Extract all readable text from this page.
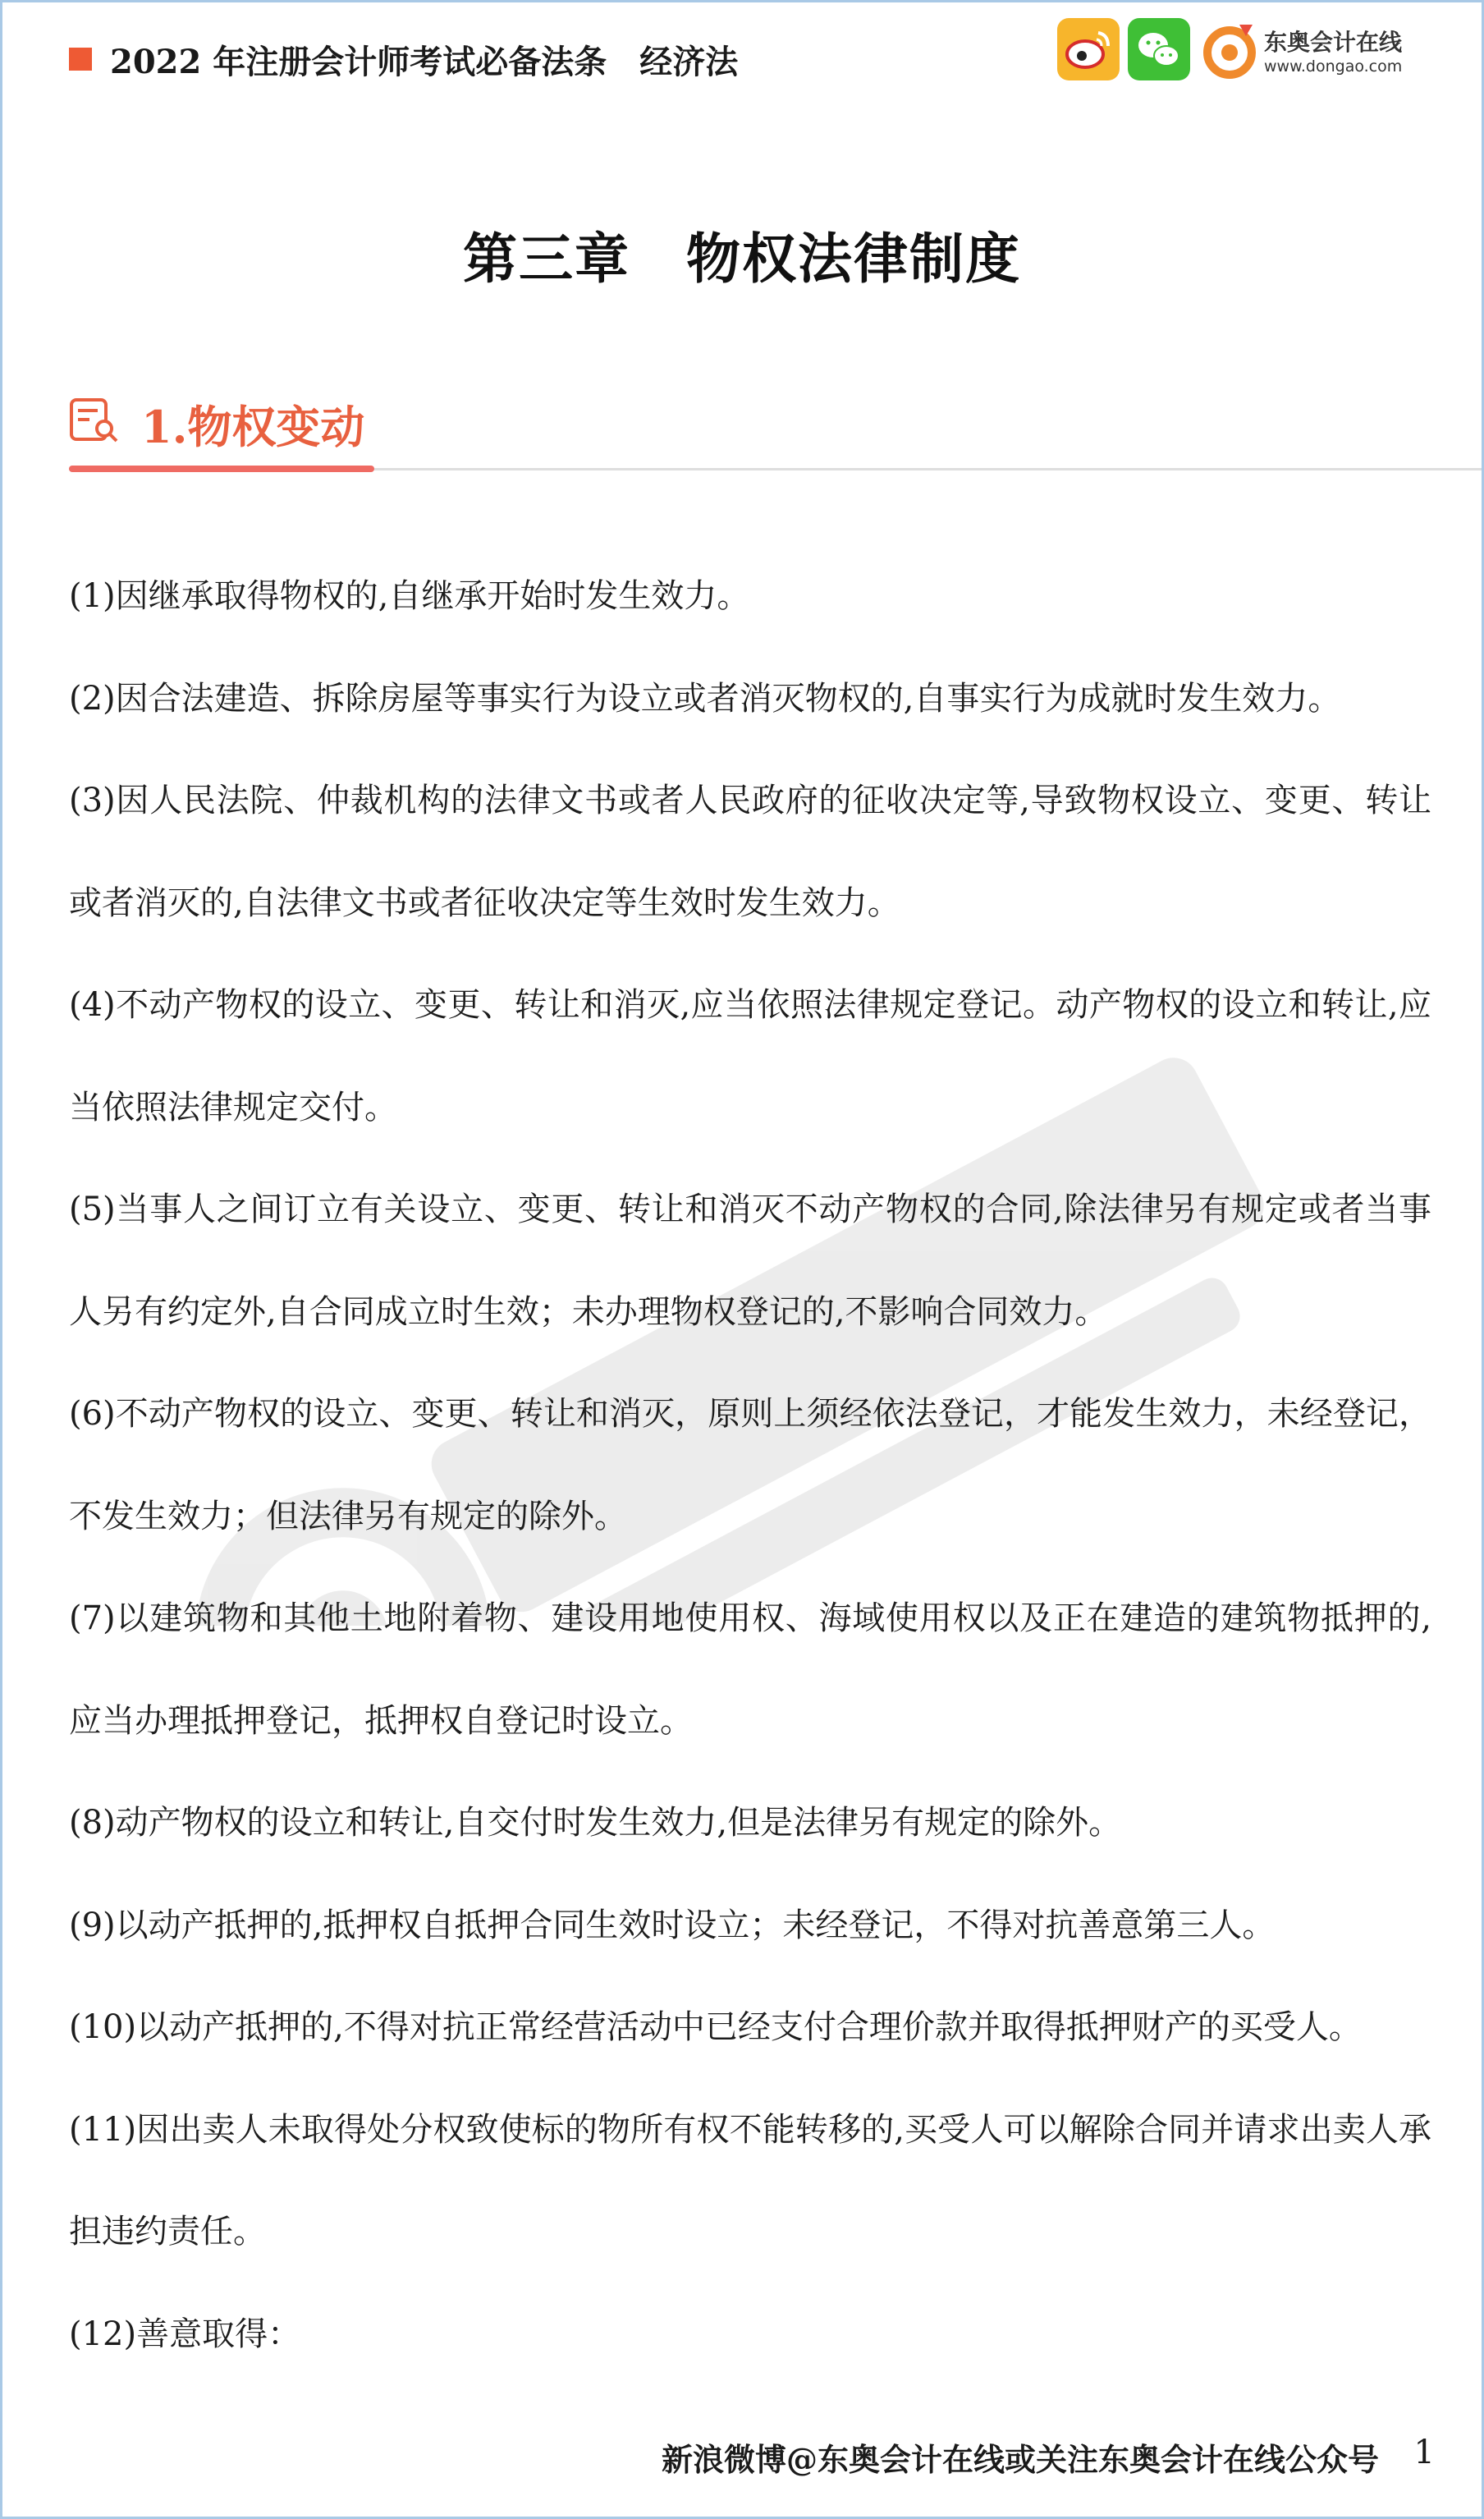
2022 年注册会计师考试必备法条　经济法
东奥会计在线
www.dongao.com
第三章　物权法律制度
1.物权变动

(1)因继承取得物权的,自继承开始时发生效力。

(2)因合法建造、拆除房屋等事实行为设立或者消灭物权的,自事实行为成就时发生效力。

(3)因人民法院、仲裁机构的法律文书或者人民政府的征收决定等,导致物权设立、变更、转让或者消灭的,自法律文书或者征收决定等生效时发生效力。

(4)不动产物权的设立、变更、转让和消灭,应当依照法律规定登记。动产物权的设立和转让,应当依照法律规定交付。

(5)当事人之间订立有关设立、变更、转让和消灭不动产物权的合同,除法律另有规定或者当事人另有约定外,自合同成立时生效；未办理物权登记的,不影响合同效力。

(6)不动产物权的设立、变更、转让和消灭，原则上须经依法登记，才能发生效力，未经登记，不发生效力；但法律另有规定的除外。

(7)以建筑物和其他土地附着物、建设用地使用权、海域使用权以及正在建造的建筑物抵押的,应当办理抵押登记，抵押权自登记时设立。

(8)动产物权的设立和转让,自交付时发生效力,但是法律另有规定的除外。

(9)以动产抵押的,抵押权自抵押合同生效时设立；未经登记，不得对抗善意第三人。

(10)以动产抵押的,不得对抗正常经营活动中已经支付合理价款并取得抵押财产的买受人。

(11)因出卖人未取得处分权致使标的物所有权不能转移的,买受人可以解除合同并请求出卖人承担违约责任。

(12)善意取得：

新浪微博@东奥会计在线或关注东奥会计在线公众号 1
